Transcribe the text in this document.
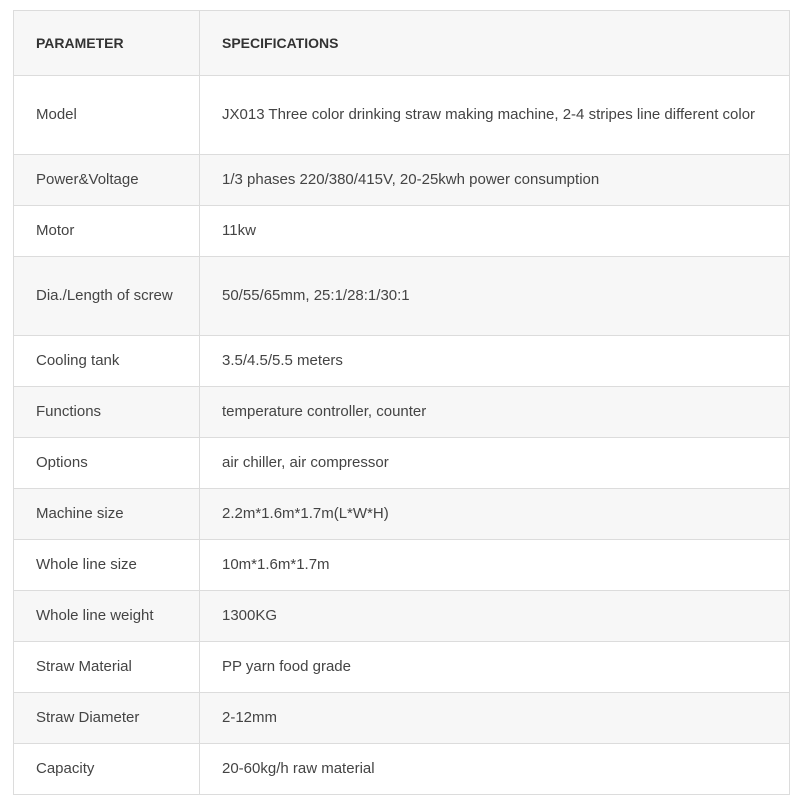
PARAMETER	SPECIFICATIONS
Model	JX013 Three color drinking straw making machine, 2-4 stripes line different color
Power&Voltage	1/3 phases 220/380/415V, 20-25kwh power consumption
Motor	11kw
Dia./Length of screw	50/55/65mm, 25:1/28:1/30:1
Cooling tank	3.5/4.5/5.5 meters
Functions	temperature controller, counter
Options	air chiller, air compressor
Machine size	2.2m*1.6m*1.7m(L*W*H)
Whole line size	10m*1.6m*1.7m
Whole line weight	1300KG
Straw Material	PP yarn food grade
Straw Diameter	2-12mm
Capacity	20-60kg/h raw material
